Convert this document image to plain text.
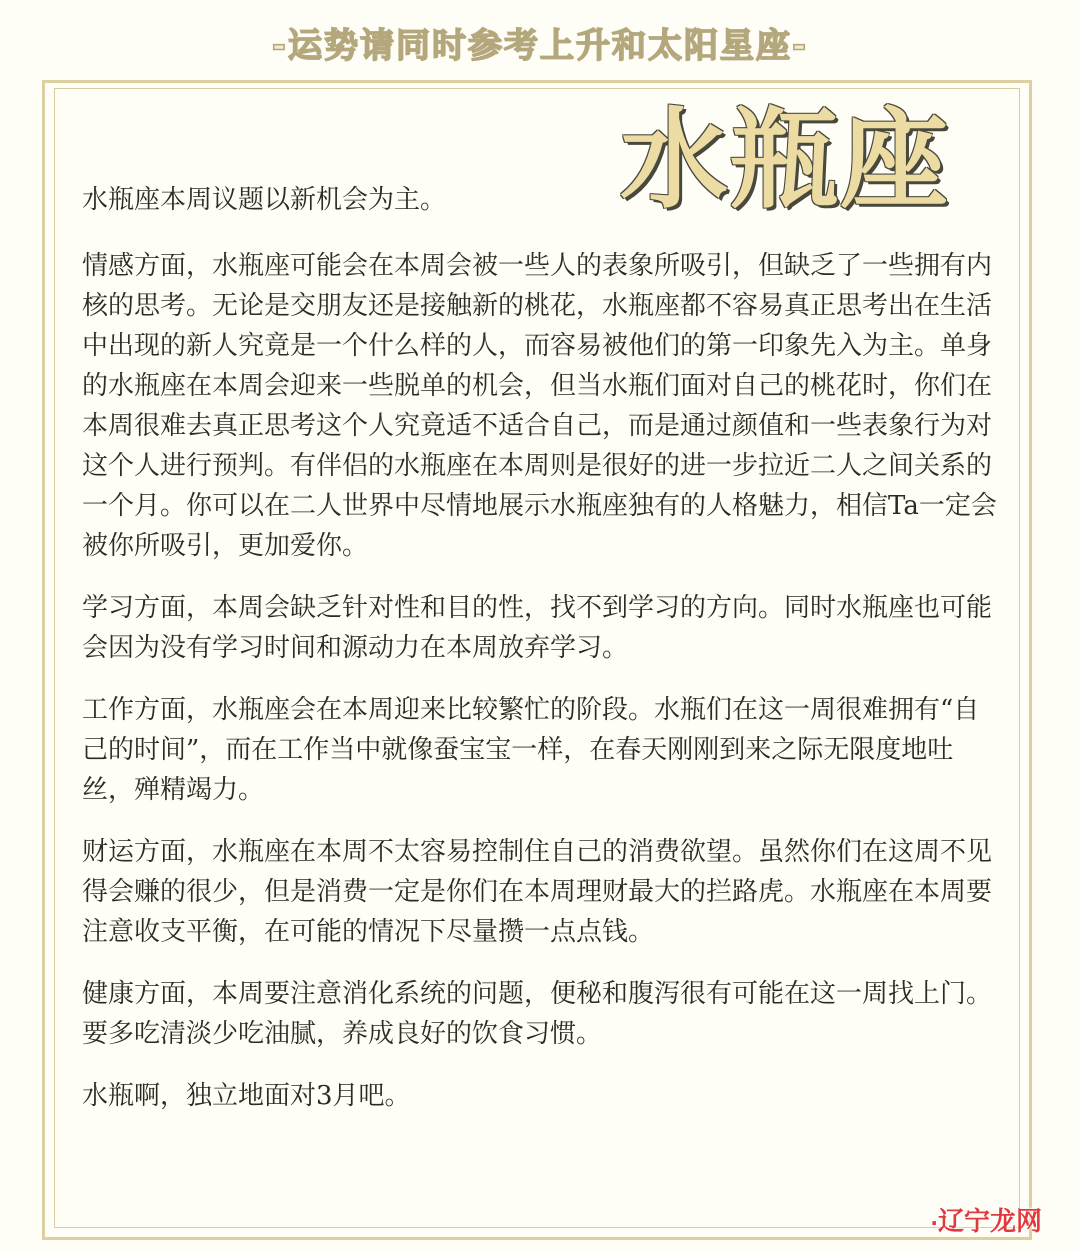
-运势请同时参考上升和太阳星座-
水瓶座

水瓶座本周议题以新机会为主。

情感方面，水瓶座可能会在本周会被一些人的表象所吸引，但缺乏了一些拥有内核的思考。无论是交朋友还是接触新的桃花，水瓶座都不容易真正思考出在生活中出现的新人究竟是一个什么样的人，而容易被他们的第一印象先入为主。单身的水瓶座在本周会迎来一些脱单的机会，但当水瓶们面对自己的桃花时，你们在本周很难去真正思考这个人究竟适不适合自己，而是通过颜值和一些表象行为对这个人进行预判。有伴侣的水瓶座在本周则是很好的进一步拉近二人之间关系的一个月。你可以在二人世界中尽情地展示水瓶座独有的人格魅力，相信Ta一定会被你所吸引，更加爱你。

学习方面，本周会缺乏针对性和目的性，找不到学习的方向。同时水瓶座也可能会因为没有学习时间和源动力在本周放弃学习。

工作方面，水瓶座会在本周迎来比较繁忙的阶段。水瓶们在这一周很难拥有“自己的时间”，而在工作当中就像蚕宝宝一样，在春天刚刚到来之际无限度地吐丝，殚精竭力。

财运方面，水瓶座在本周不太容易控制住自己的消费欲望。虽然你们在这周不见得会赚的很少，但是消费一定是你们在本周理财最大的拦路虎。水瓶座在本周要注意收支平衡，在可能的情况下尽量攒一点点钱。

健康方面，本周要注意消化系统的问题，便秘和腹泻很有可能在这一周找上门。要多吃清淡少吃油腻，养成良好的饮食习惯。

水瓶啊，独立地面对3月吧。

·辽宁龙网
